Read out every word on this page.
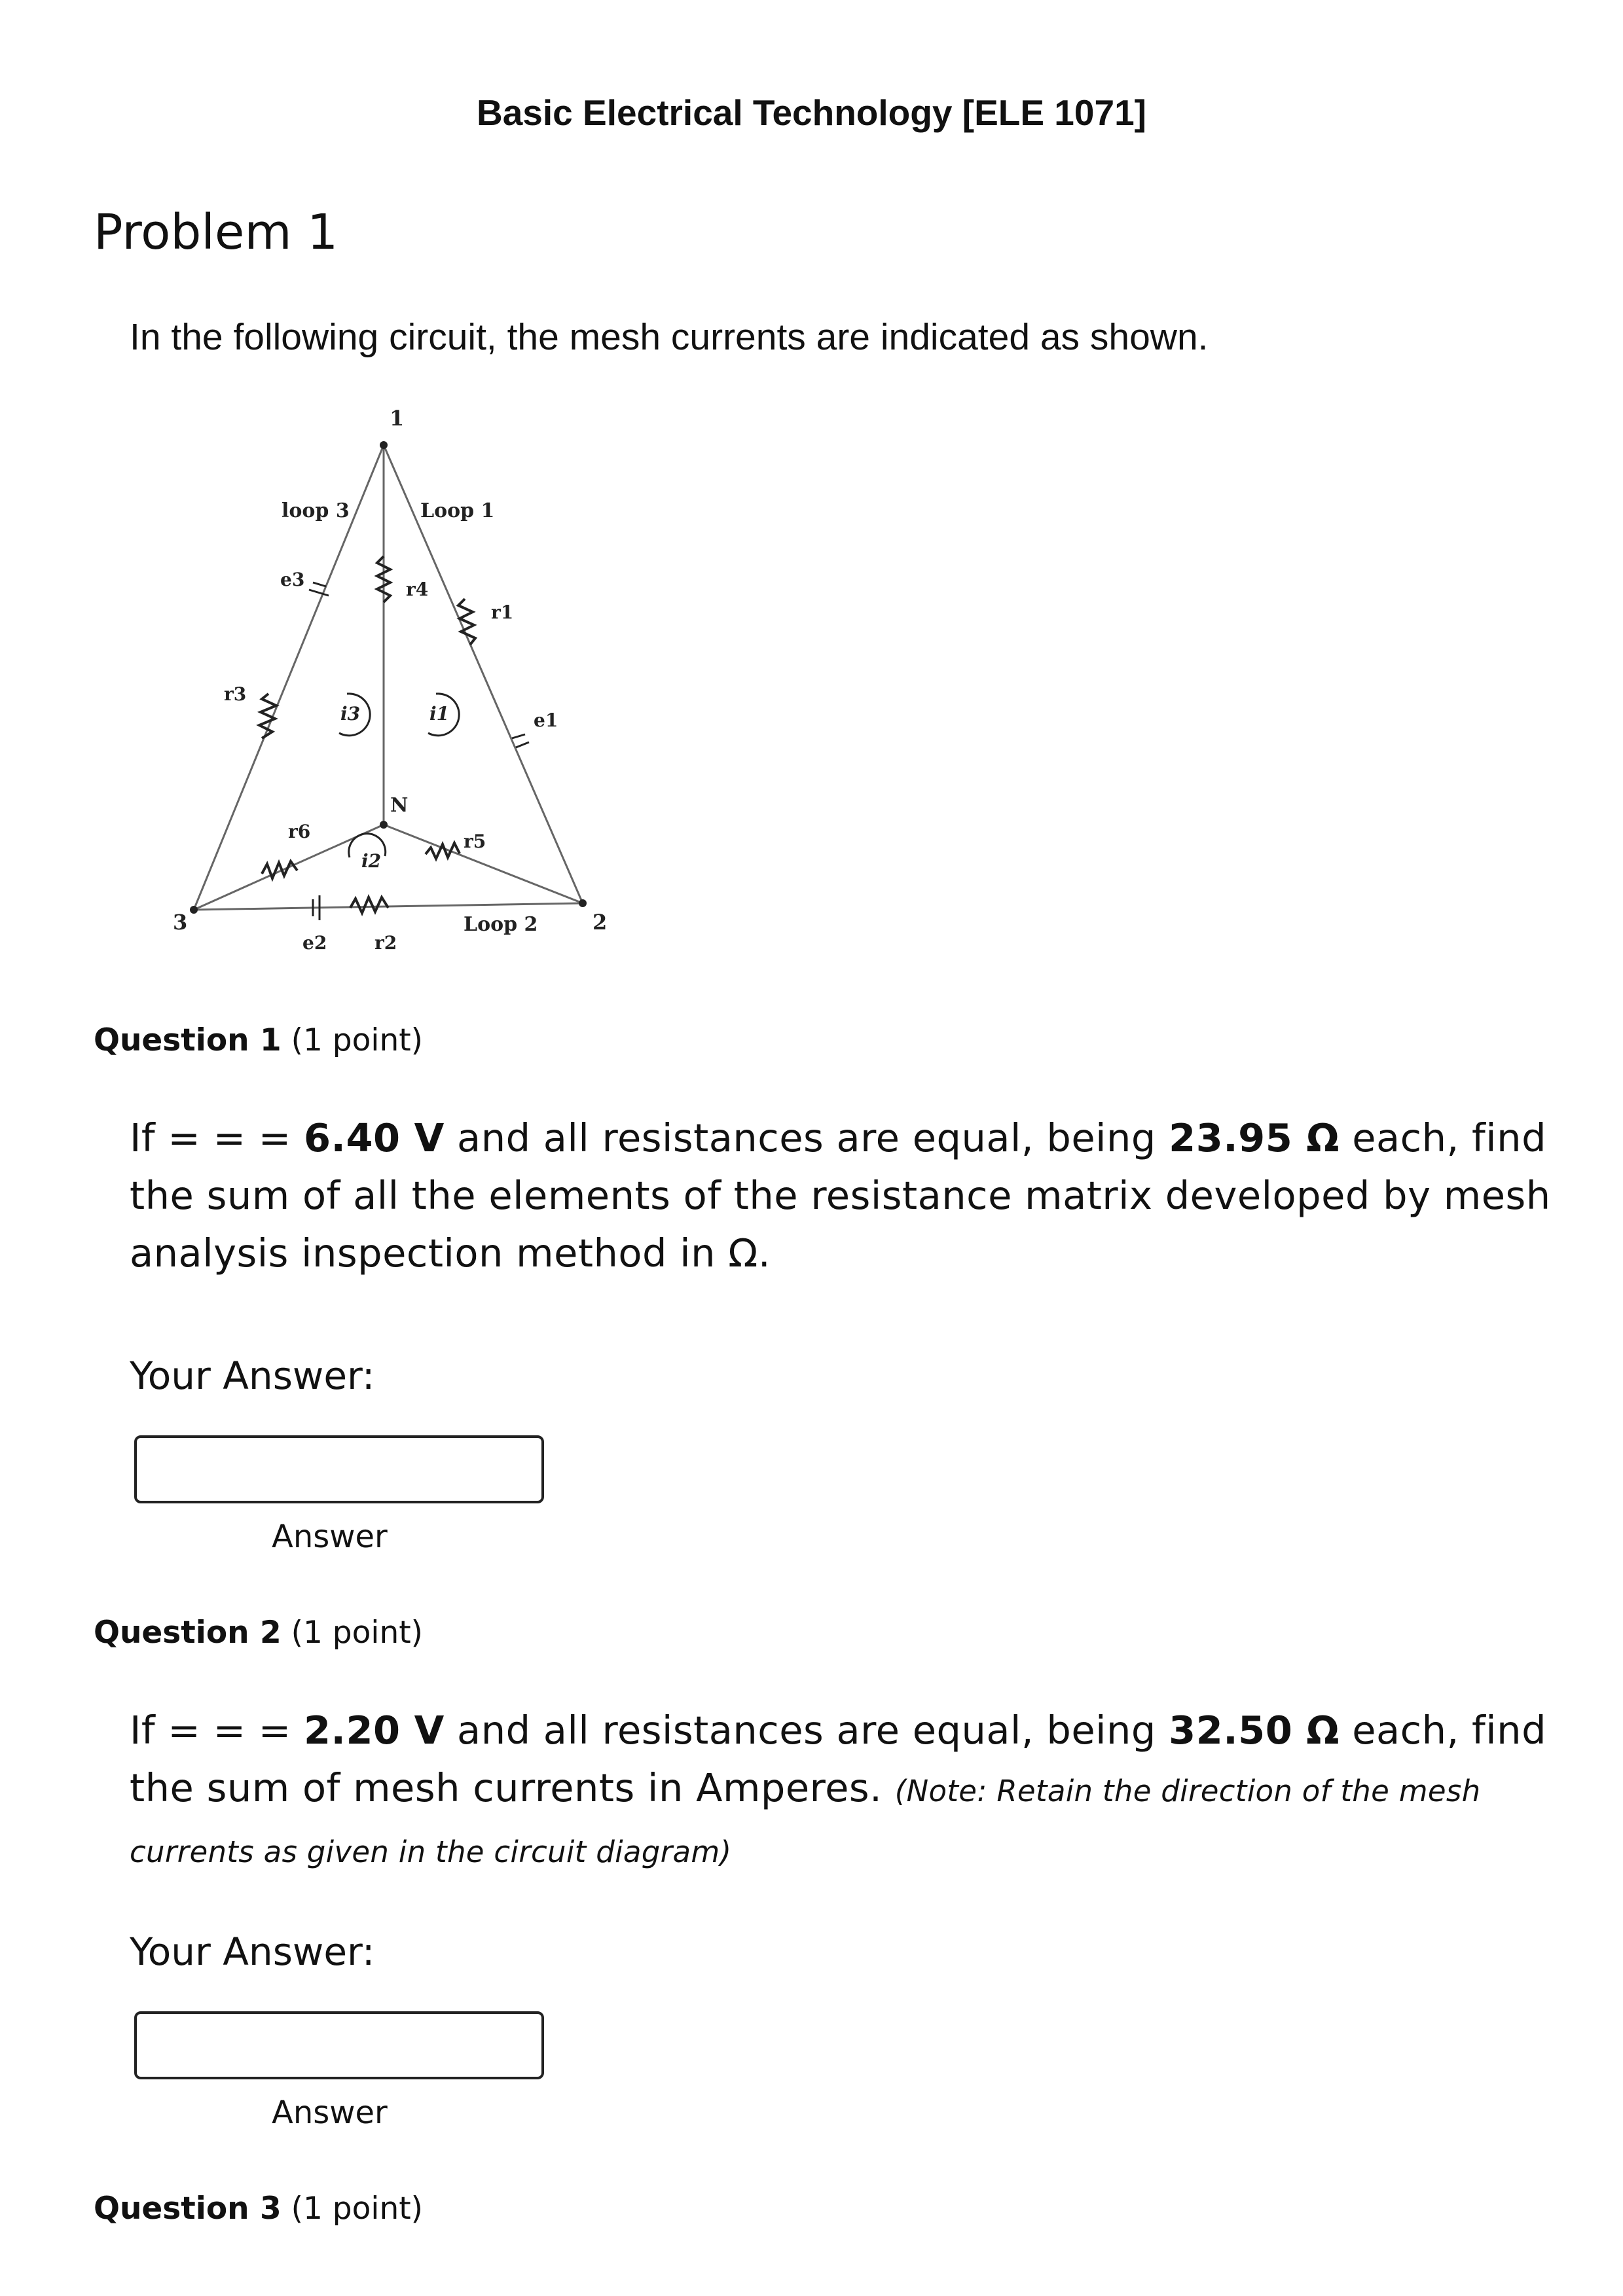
Basic Electrical Technology [ELE 1071]
Problem 1
In the following circuit, the mesh currents are indicated as shown.
1
2
3
N
loop 3	Loop 1
Loop 2
e3
e1
e2
r4
r1
r3
r6	r5
r2
i3	i1
i2
Question 1 (1 point)
If = = = 6.40 V and all resistances are equal, being 23.95 Ω each, find the sum of all the elements of the resistance matrix developed by mesh analysis inspection method in Ω.
Your Answer:
Answer
Question 2 (1 point)
If = = = 2.20 V and all resistances are equal, being 32.50 Ω each, find the sum of mesh currents in Amperes. (Note: Retain the direction of the mesh currents as given in the circuit diagram)
Your Answer:
Answer
Question 3 (1 point)
